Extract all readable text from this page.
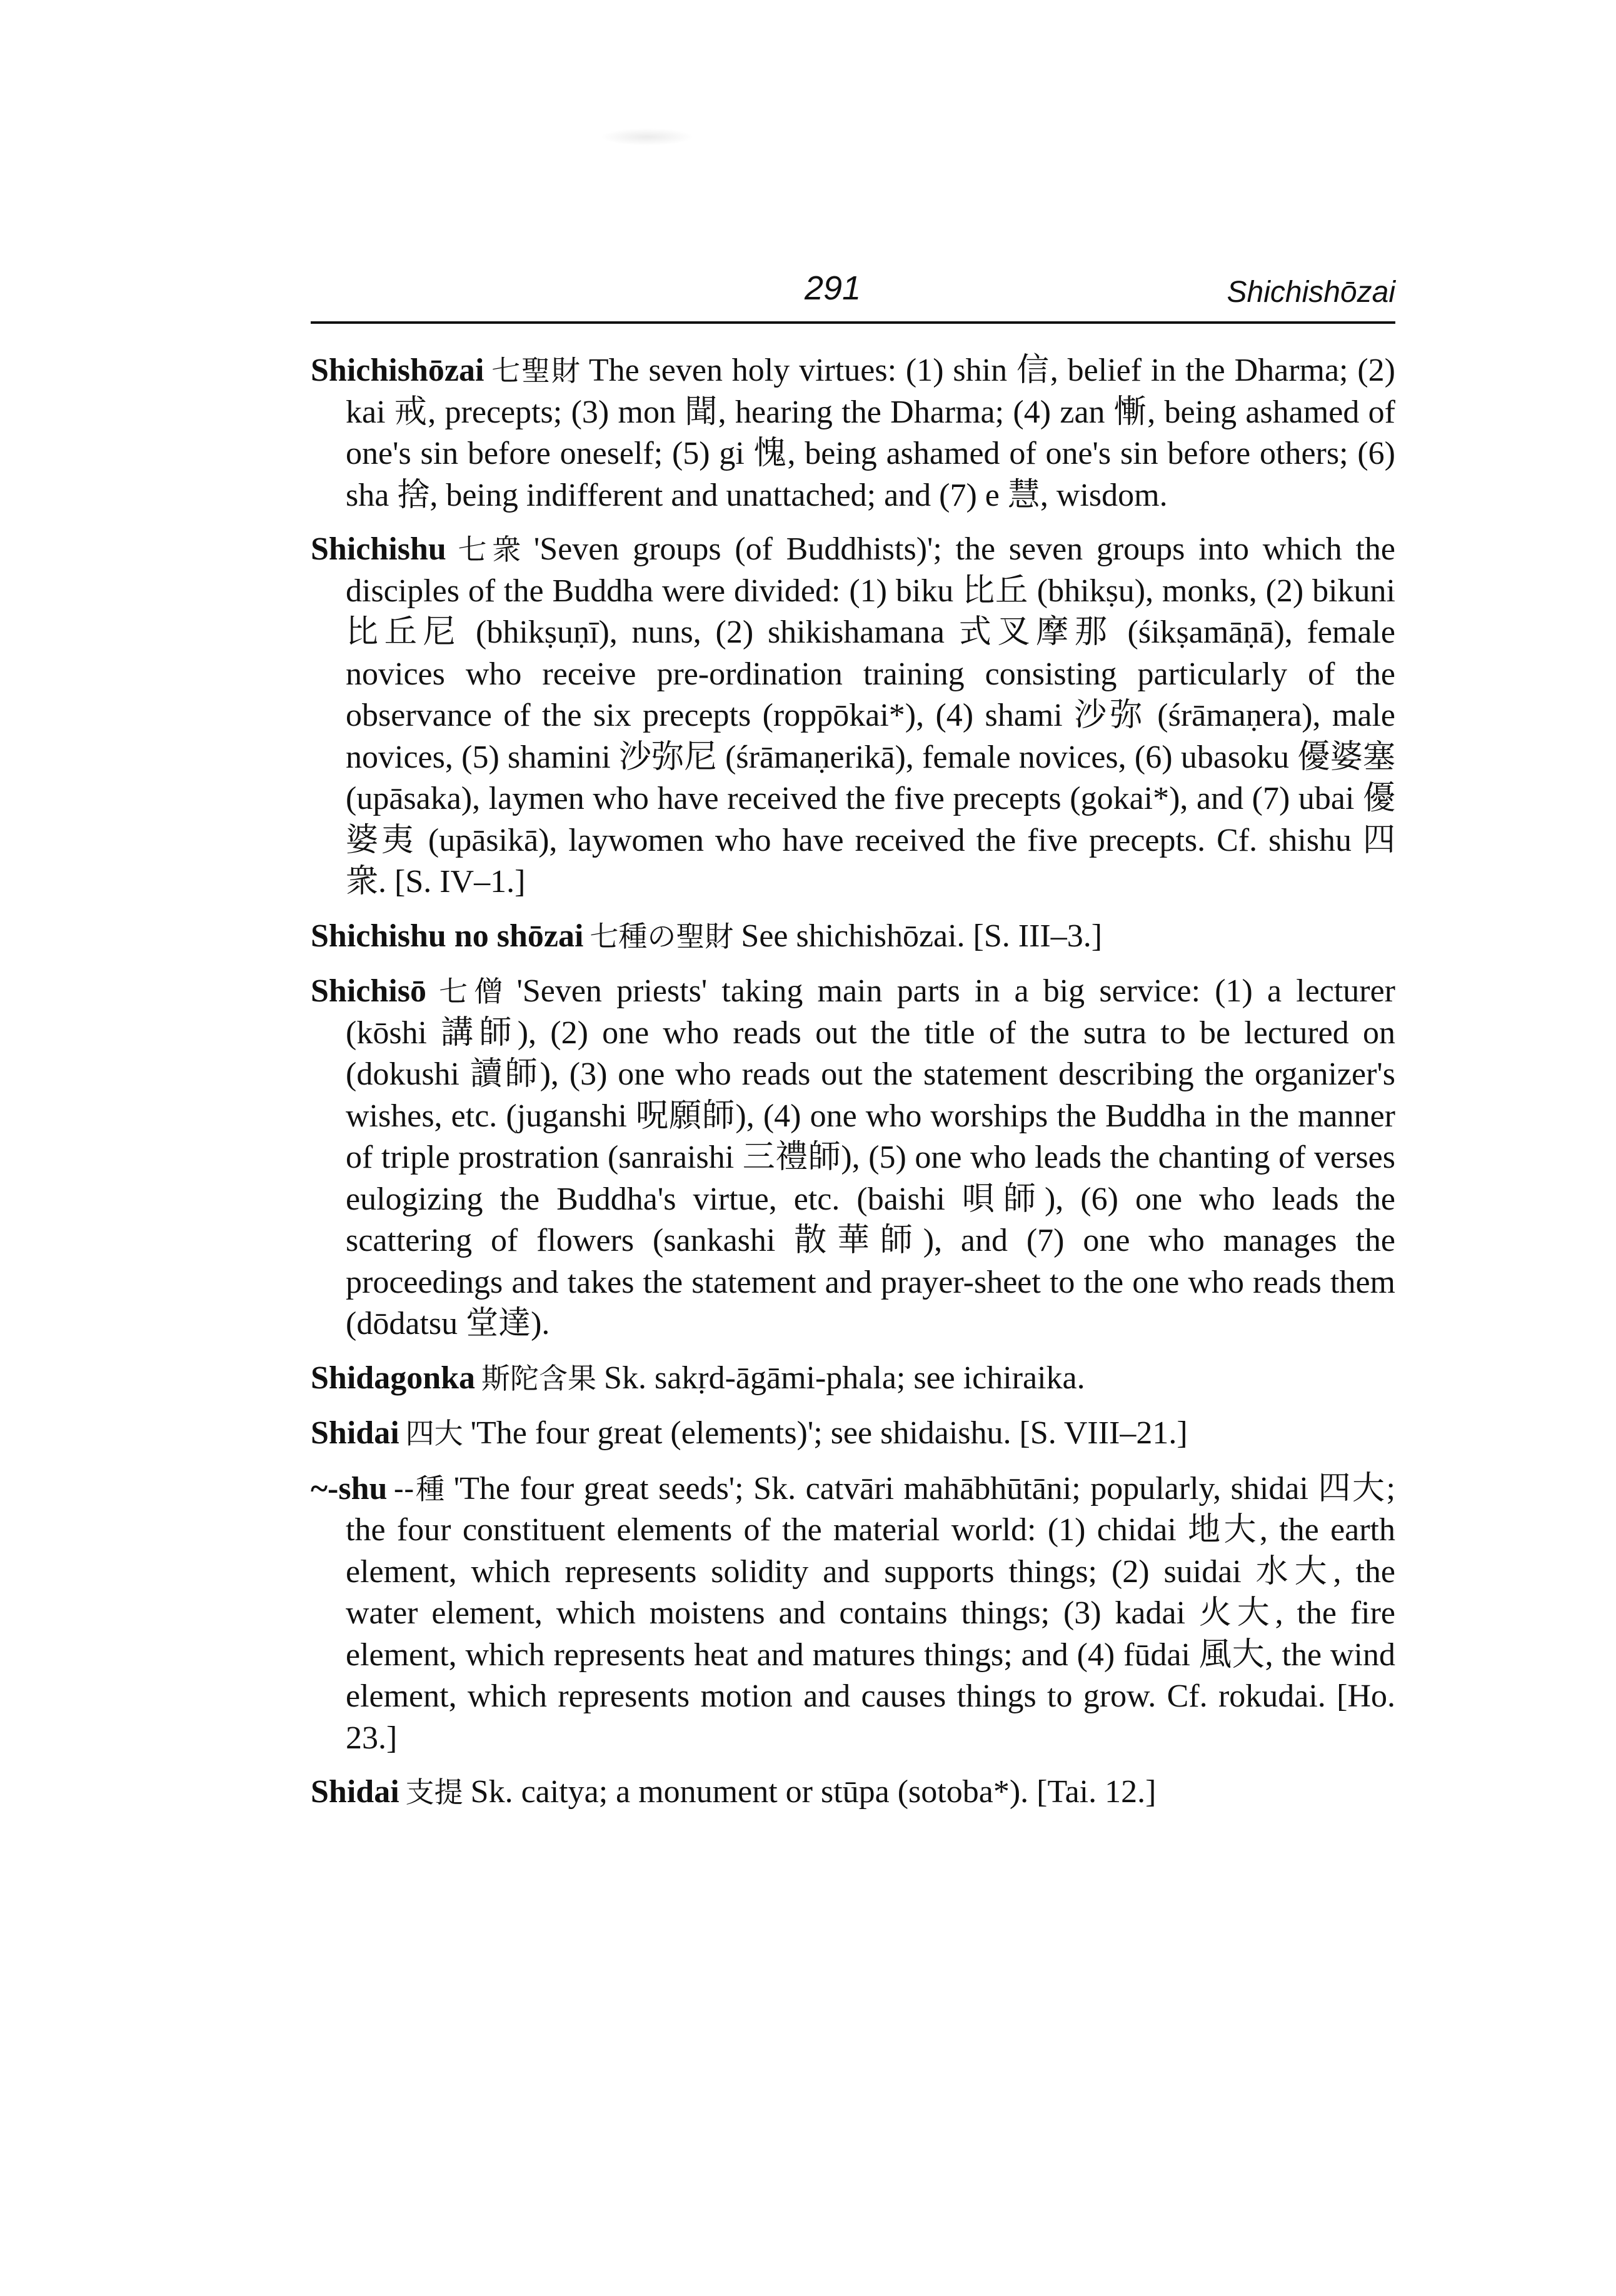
291	Shichishōzai

Shichishōzai 七聖財 The seven holy virtues: (1) shin 信, belief in the Dharma; (2) kai 戒, precepts; (3) mon 聞, hearing the Dharma; (4) zan 慚, being ashamed of one's sin before oneself; (5) gi 愧, being ashamed of one's sin before others; (6) sha 捨, being indifferent and unattached; and (7) e 慧, wisdom.

Shichishu 七衆 'Seven groups (of Buddhists)'; the seven groups into which the disciples of the Buddha were divided: (1) biku 比丘 (bhikṣu), monks, (2) bikuni 比丘尼 (bhikṣuṇī), nuns, (2) shikishamana 式叉摩那 (śikṣamāṇā), female novices who receive pre-ordination training consisting particularly of the observance of the six precepts (roppōkai*), (4) shami 沙弥 (śrāmaṇera), male novices, (5) shamini 沙弥尼 (śrāmaṇerikā), female novices, (6) ubasoku 優婆塞 (upāsaka), laymen who have received the five precepts (gokai*), and (7) ubai 優婆夷 (upāsikā), laywomen who have received the five precepts. Cf. shishu 四衆. [S. IV–1.]

Shichishu no shōzai 七種の聖財 See shichishōzai. [S. III–3.]

Shichisō 七僧 'Seven priests' taking main parts in a big service: (1) a lecturer (kōshi 講師), (2) one who reads out the title of the sutra to be lectured on (dokushi 讀師), (3) one who reads out the statement describing the organizer's wishes, etc. (juganshi 呪願師), (4) one who worships the Buddha in the manner of triple prostration (sanraishi 三禮師), (5) one who leads the chanting of verses eulogizing the Buddha's virtue, etc. (baishi 唄師), (6) one who leads the scattering of flowers (sankashi 散華師), and (7) one who manages the proceedings and takes the statement and prayer-sheet to the one who reads them (dōdatsu 堂達).

Shidagonka 斯陀含果 Sk. sakṛd-āgāmi-phala; see ichiraika.

Shidai 四大 'The four great (elements)'; see shidaishu. [S. VIII–21.]

~-shu --種 'The four great seeds'; Sk. catvāri mahābhūtāni; popularly, shidai 四大; the four constituent elements of the material world: (1) chidai 地大, the earth element, which represents solidity and supports things; (2) suidai 水大, the water element, which moistens and contains things; (3) kadai 火大, the fire element, which represents heat and matures things; and (4) fūdai 風大, the wind element, which represents motion and causes things to grow. Cf. rokudai. [Ho. 23.]

Shidai 支提 Sk. caitya; a monument or stūpa (sotoba*). [Tai. 12.]
